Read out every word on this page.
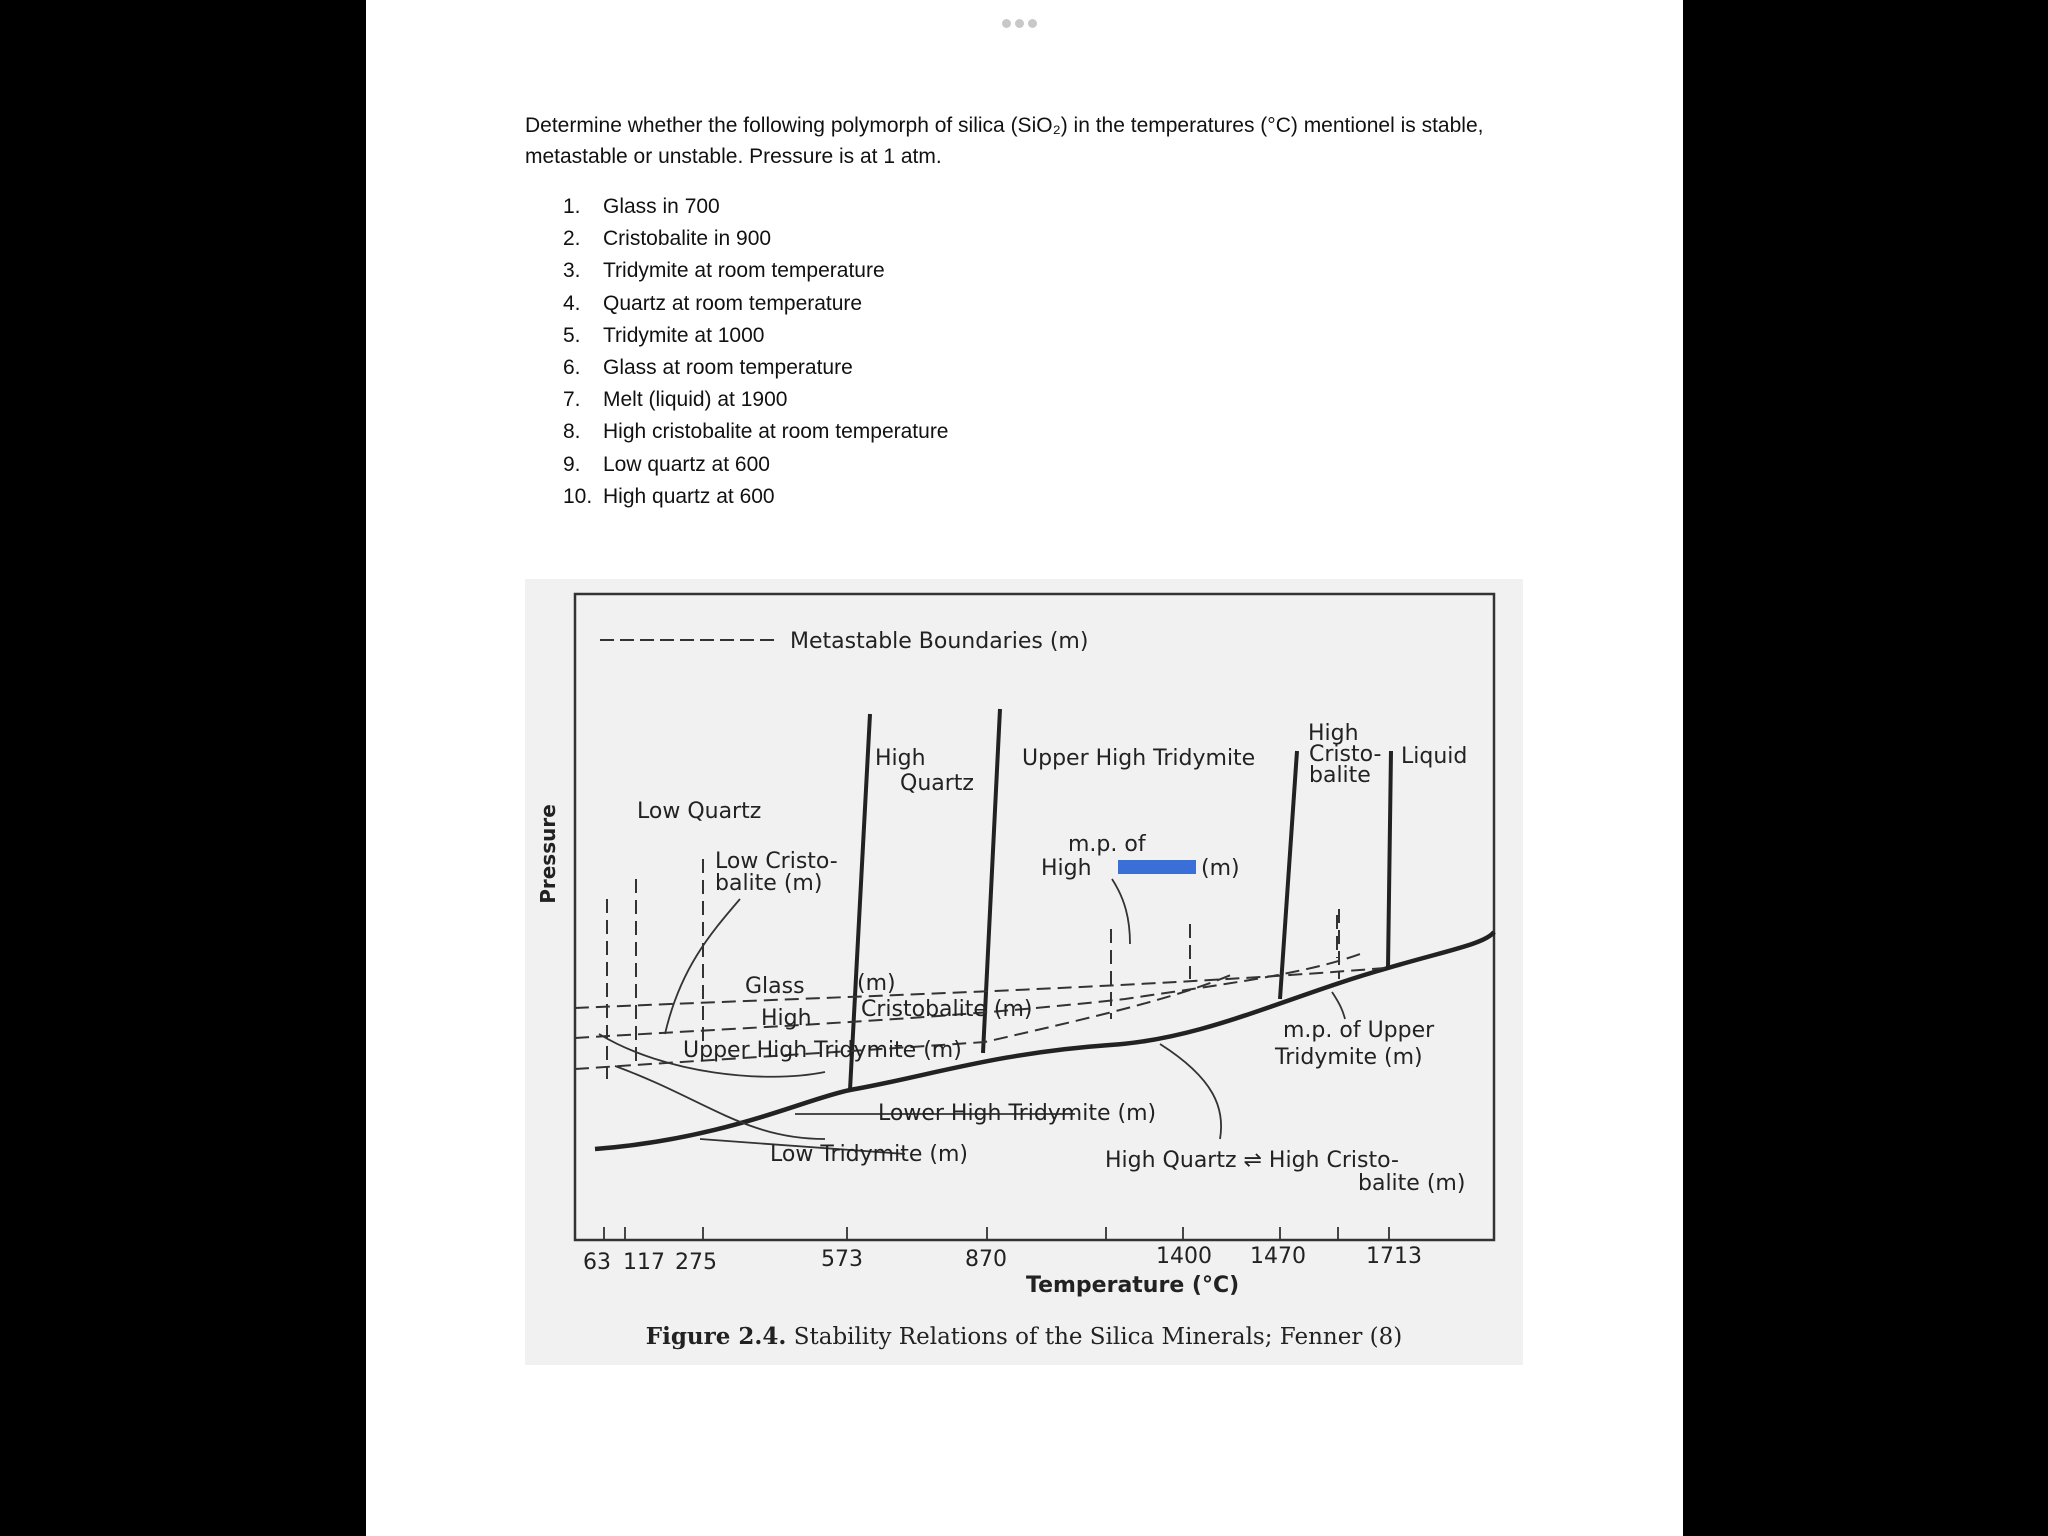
Determine whether the following polymorph of silica (SiO₂) in the temperatures (°C) mentionel is stable, metastable or unstable. Pressure is at 1 atm.

1.	Glass in 700
2.	Cristobalite in 900
3.	Tridymite at room temperature
4.	Quartz at room temperature
5.	Tridymite at 1000
6.	Glass at room temperature
7.	Melt (liquid) at 1900
8.	High cristobalite at room temperature
9.	Low quartz at 600
10. High quartz at 600
Metastable Boundaries (m)
Pressure
High
Quartz
Upper High Tridymite
High
Cristo-
balite
Liquid
Low Quartz
Low Cristo-
balite (m)
m.p. of
High	(m)
Glass (m)
High Cristobalite (m)
Upper High Tridymite (m)
m.p. of Upper
Tridymite (m)
Lower High Tridymite (m)
Low Tridymite (m)	High Quartz ⇌ High Cristo-
balite (m)
63 117 275	573	870	1400 1470	1713
Temperature (°C)
Figure 2.4. Stability Relations of the Silica Minerals; Fenner (8)
